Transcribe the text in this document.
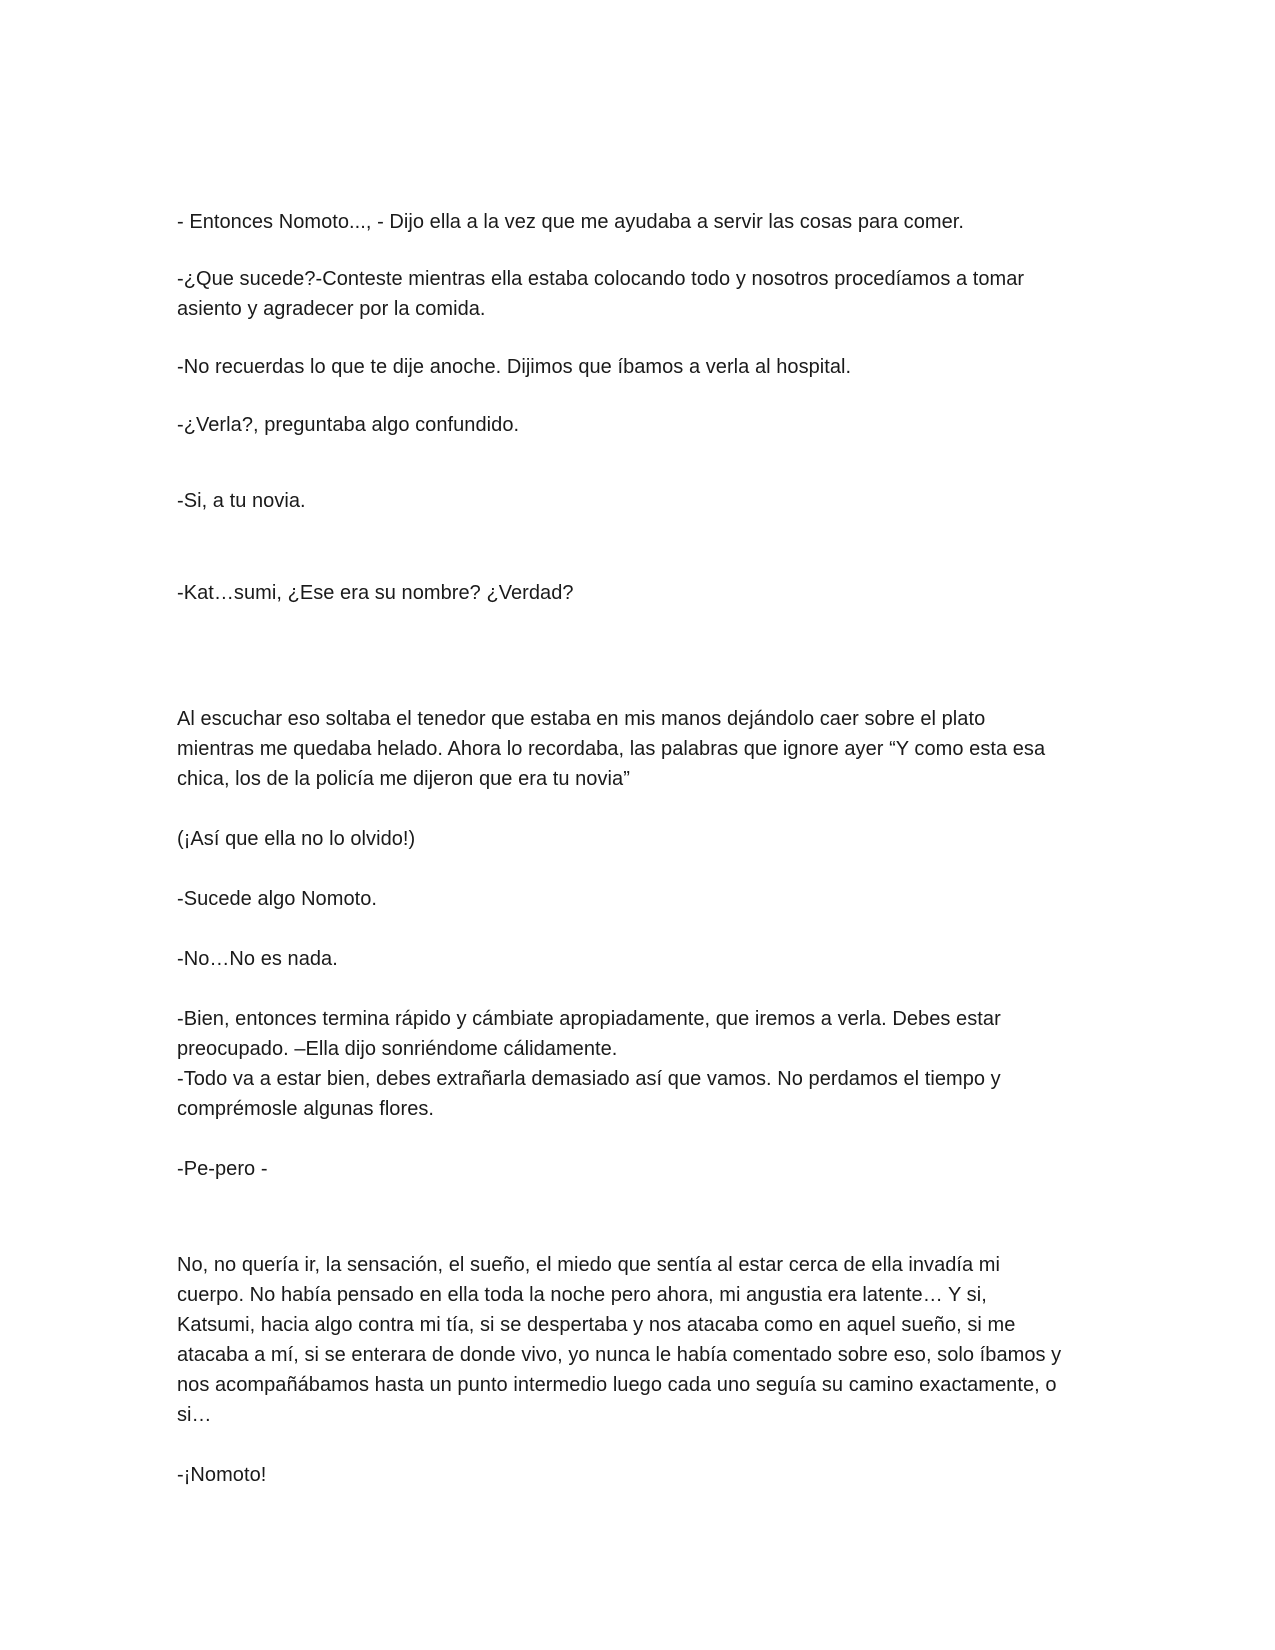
- Entonces Nomoto..., - Dijo ella a la vez que me ayudaba a servir las cosas para comer.

-¿Que sucede?-Conteste mientras ella estaba colocando todo y nosotros procedíamos a tomar

asiento y agradecer por la comida.

-No recuerdas lo que te dije anoche. Dijimos que íbamos a verla al hospital.

-¿Verla?, preguntaba algo confundido.

-Si, a tu novia.

-Kat…sumi, ¿Ese era su nombre? ¿Verdad?

Al escuchar eso soltaba el tenedor que estaba en mis manos dejándolo caer sobre el plato

mientras me quedaba helado. Ahora lo recordaba, las palabras que ignore ayer “Y como esta esa

chica, los de la policía me dijeron que era tu novia”

(¡Así que ella no lo olvido!)

-Sucede algo Nomoto.

-No…No es nada.

-Bien, entonces termina rápido y cámbiate apropiadamente, que iremos a verla. Debes estar

preocupado. –Ella dijo sonriéndome cálidamente.

-Todo va a estar bien, debes extrañarla demasiado así que vamos. No perdamos el tiempo y

comprémosle algunas flores.

-Pe-pero -

No, no quería ir, la sensación, el sueño, el miedo que sentía al estar cerca de ella invadía mi

cuerpo. No había pensado en ella toda la noche pero ahora, mi angustia era latente… Y si,

Katsumi, hacia algo contra mi tía, si se despertaba y nos atacaba como en aquel sueño, si me

atacaba a mí, si se enterara de donde vivo, yo nunca le había comentado sobre eso, solo íbamos y

nos acompañábamos hasta un punto intermedio luego cada uno seguía su camino exactamente, o

si…

-¡Nomoto!
